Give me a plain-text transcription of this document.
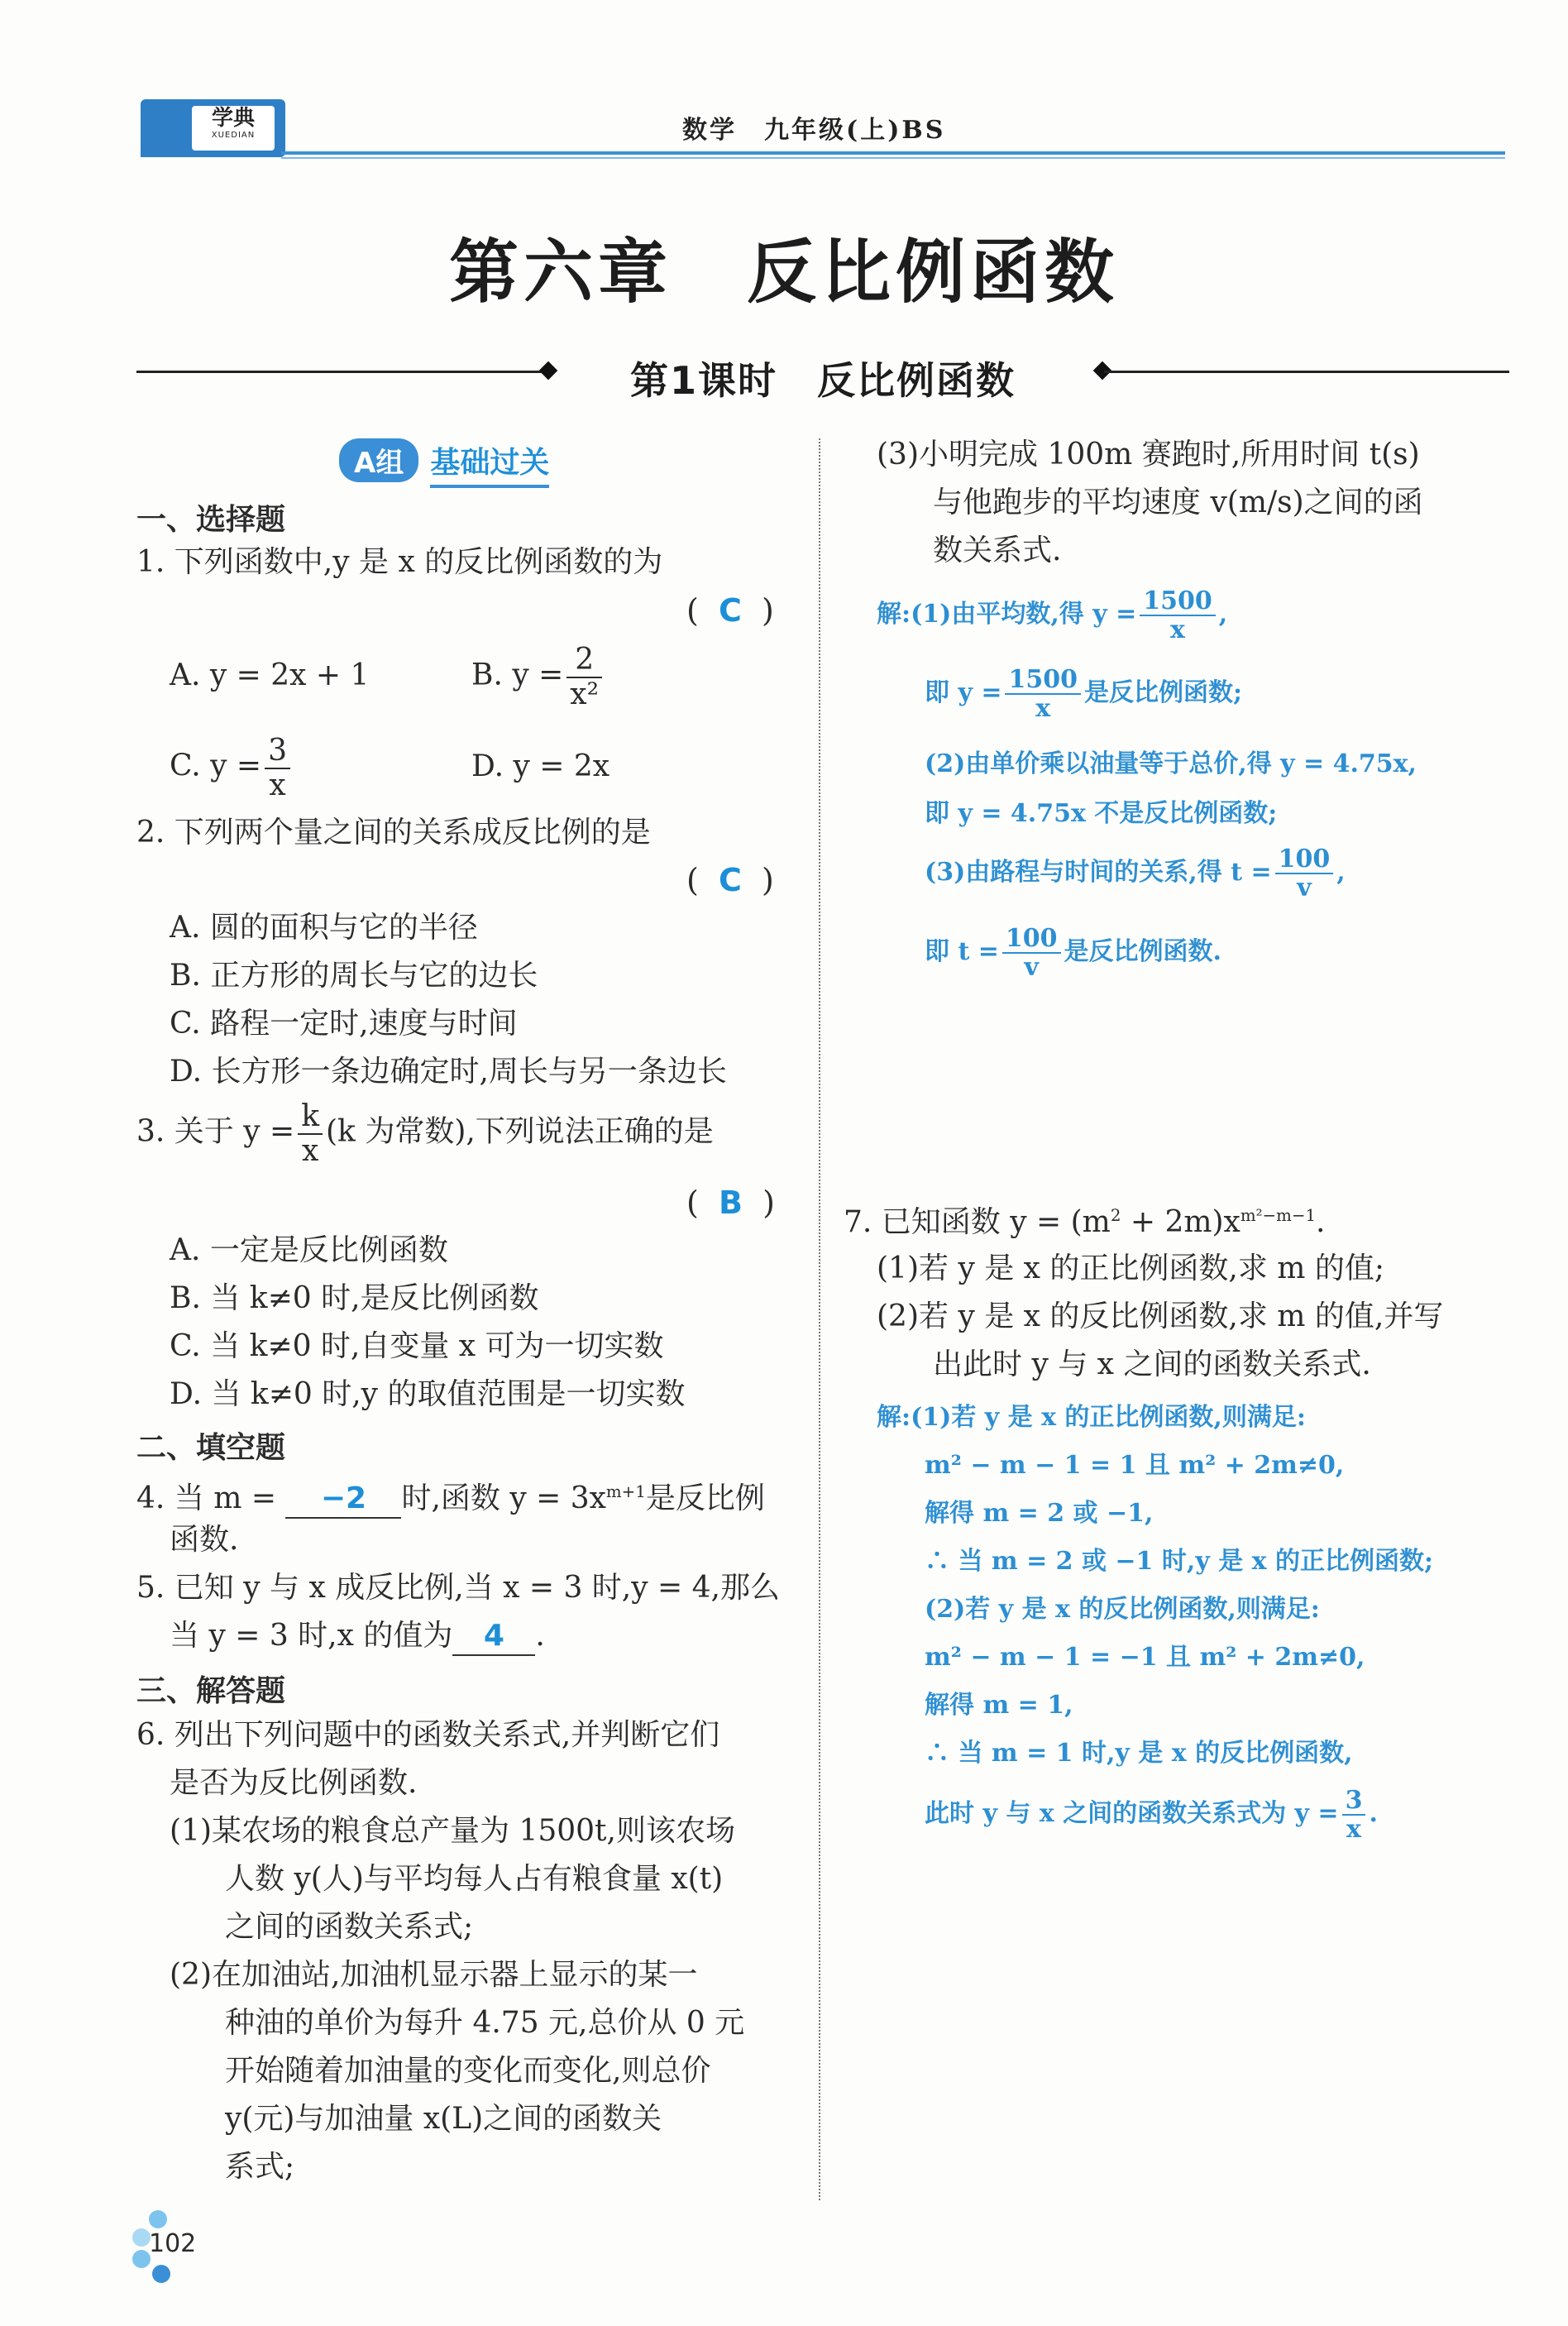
学典
XUEDIAN	数学　九年级(上)BS
第六章　反比例函数
第1课时　反比例函数
A组 基础过关
一、选择题
1. 下列函数中,y 是 x 的反比例函数的为
(  C  )
A. y = 2x + 1	B. $y = \frac{2}{\text{x²}}$
C. $y = \frac{3}{x}$	D. y = 2x
2. 下列两个量之间的关系成反比例的是
(  C  )
A. 圆的面积与它的半径
B. 正方形的周长与它的边长
C. 路程一定时,速度与时间
D. 长方形一条边确定时,周长与另一条边长
3. 关于 $y = \frac{k}{x} (k$ 为常数),下列说法正确的是
(  B  )
A. 一定是反比例函数
B. 当 k≠0 时,是反比例函数
C. 当 k≠0 时,自变量 x 可为一切实数
D. 当 k≠0 时,y 的取值范围是一切实数
二、填空题
4. 当 m = −2 时,函数 $y = 3x^{m+1}$是反比例
函数.
5. 已知 y 与 x 成反比例,当 x = 3 时,y = 4,那么
当 y = 3 时,x 的值为 4 .
三、解答题
6. 列出下列问题中的函数关系式,并判断它们
是否为反比例函数.
(1)某农场的粮食总产量为 1500t,则该农场
人数 y(人)与平均每人占有粮食量 x(t)
之间的函数关系式;
(2)在加油站,加油机显示器上显示的某一
种油的单价为每升 4.75 元,总价从 0 元
开始随着加油量的变化而变化,则总价
y(元)与加油量 x(L)之间的函数关
系式;
(3)小明完成 100m 赛跑时,所用时间 t(s)
与他跑步的平均速度 v(m/s)之间的函
数关系式.
解:(1)由平均数,得 $y = \frac{1500}{x}$ ,
即 $y = \frac{1500}{x}$ 是反比例函数;
(2)由单价乘以油量等于总价,得 y = 4.75x,
即 y = 4.75x 不是反比例函数;
(3)由路程与时间的关系,得 $t = \frac{100}{v}$ ,
即 $t = \frac{100}{v}$ 是反比例函数.
7. 已知函数 $y = (m^2 + 2m)x^{m^2-m-1}$.
(1)若 y 是 x 的正比例函数,求 m 的值;
(2)若 y 是 x 的反比例函数,求 m 的值,并写
出此时 y 与 x 之间的函数关系式.
解:(1)若 y 是 x 的正比例函数,则满足:
m² − m − 1 = 1 且 m² + 2m≠0,
解得 m = 2 或 −1,
∴ 当 m = 2 或 −1 时,y 是 x 的正比例函数;
(2)若 y 是 x 的反比例函数,则满足:
m² − m − 1 = −1 且 m² + 2m≠0,
解得 m = 1,
∴ 当 m = 1 时,y 是 x 的反比例函数,
此时 y 与 x 之间的函数关系式为 $y = \frac{3}{x}$ .
102
